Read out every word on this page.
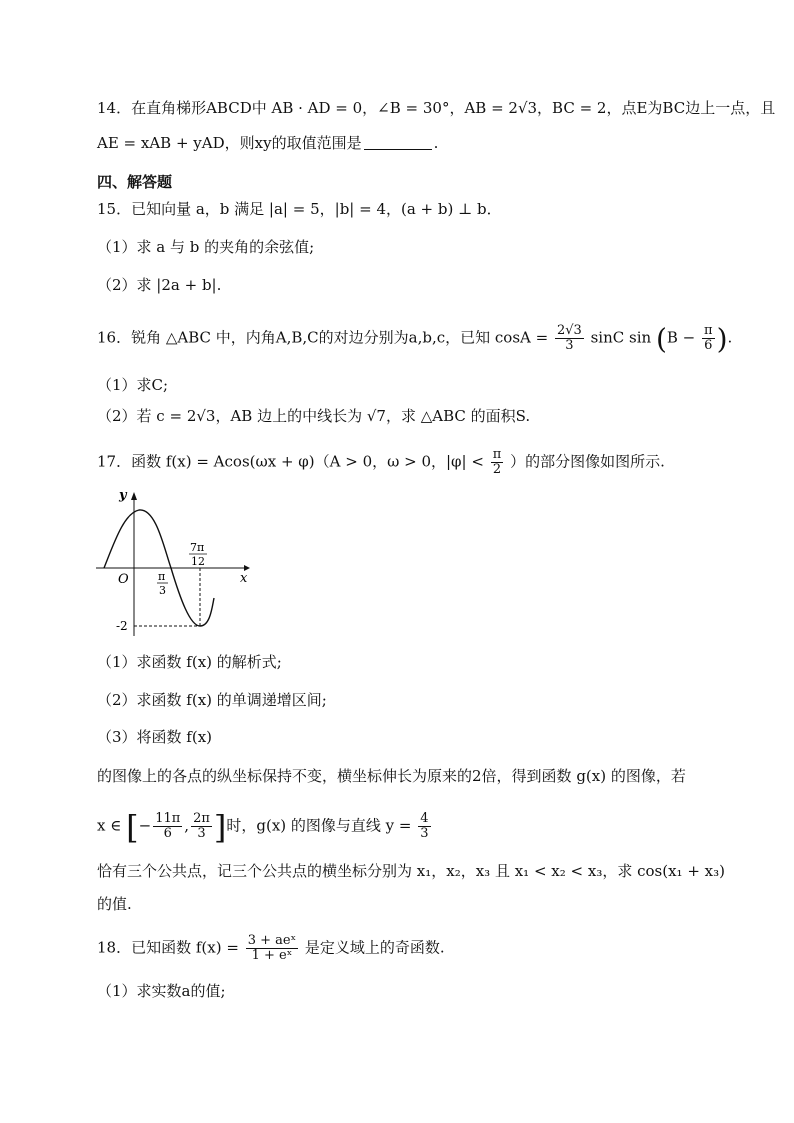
14．在直角梯形ABCD中 AB · AD = 0，∠B = 30°，AB = 2√3，BC = 2，点E为BC边上一点，且
AE = xAB + yAD，则xy的取值范围是	.
四、解答题
15．已知向量 a，b 满足 |a| = 5，|b| = 4，(a + b) ⊥ b．
（1）求 a 与 b 的夹角的余弦值;
（2）求 |2a + b|.
16．锐角 △ABC 中，内角A,B,C的对边分别为a,b,c，已知 $\cos A = \frac{2√3}{3}$ sinC $\sin (B - \frac{\pi}{6}$ ).
（1）求C;
（2）若 c = 2√3，AB 边上的中线长为 √7，求 △ABC 的面积S.
17．函数 f(x) = Acos(ωx + φ)（A > 0，ω > 0，$|\varphi| < \frac{\pi}{2}$ ）的部分图像如图所示.
y
x
O	π
3
7π
12
-2
（1）求函数 f(x) 的解析式;
（2）求函数 f(x) 的单调递增区间;
（3）将函数 f(x)
的图像上的各点的纵坐标保持不变，横坐标伸长为原来的2倍，得到函数 g(x) 的图像，若
x ∈ [− $\frac{11\pi}{6}$ , $\frac{2\pi}{3}$ ]时，g(x) 的图像与直线 $y = \frac{4}{3}$
恰有三个公共点，记三个公共点的横坐标分别为 x₁，x₂，x₃ 且 x₁ < x₂ < x₃，求 cos(x₁ + x₃)
的值.
18．已知函数 $f(x) = \frac{\text{3 + aeˣ}}{\text{1 + eˣ}}$ 是定义域上的奇函数.
（1）求实数a的值;
